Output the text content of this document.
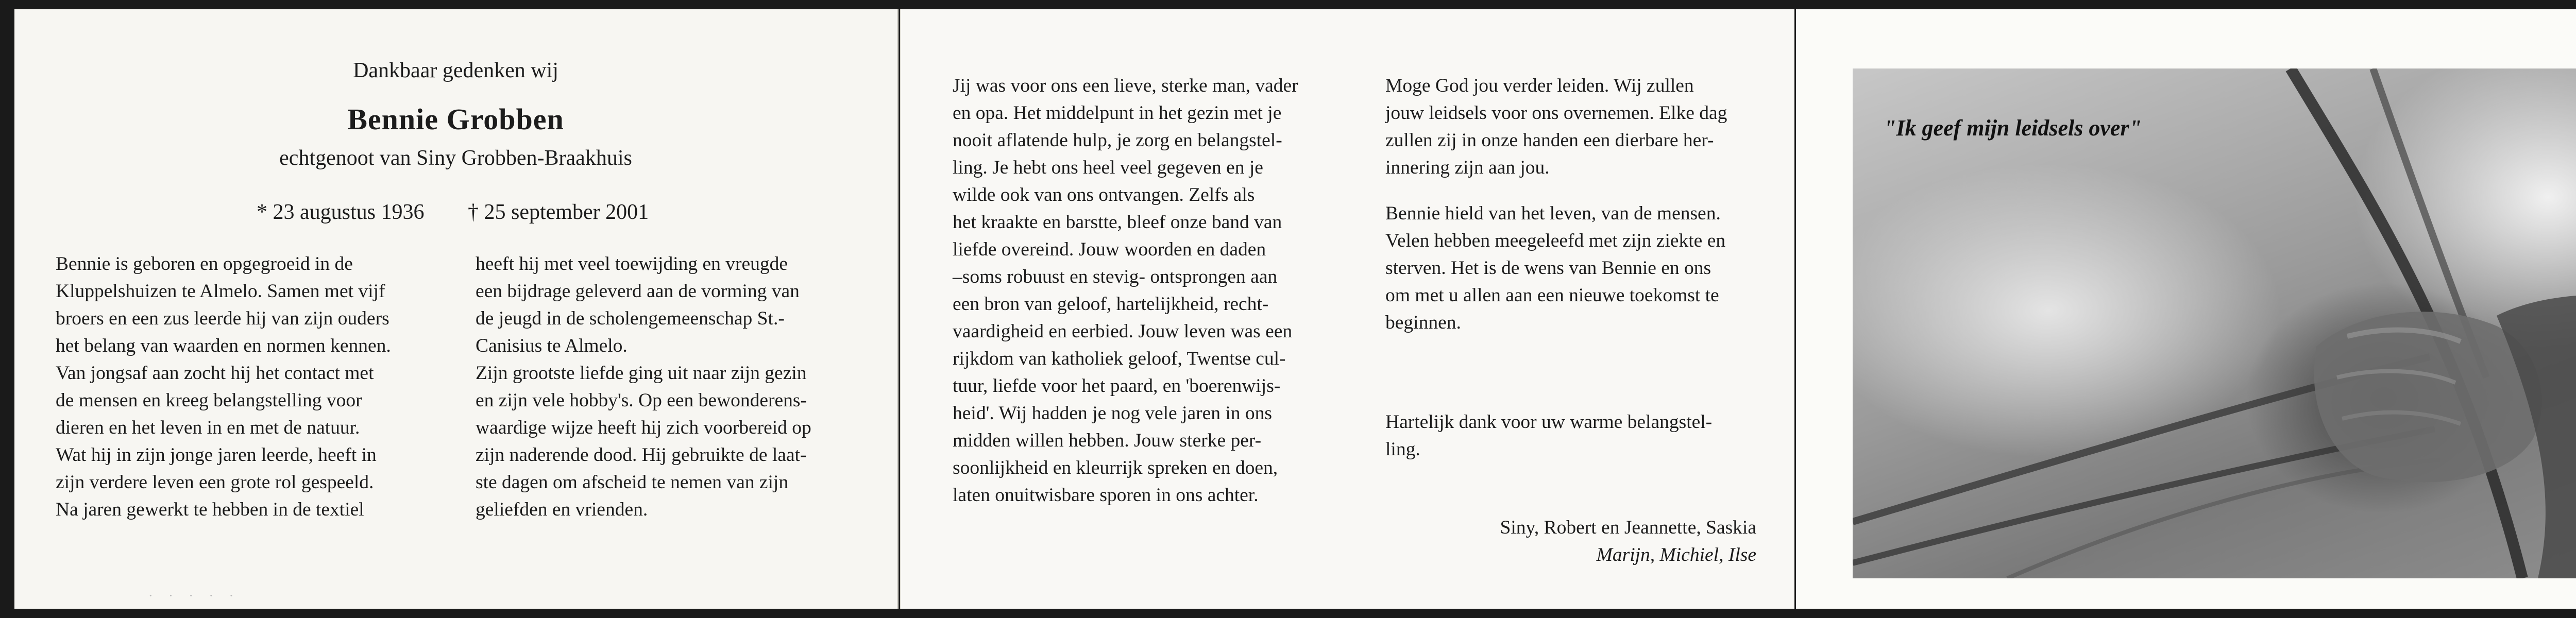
Dankbaar gedenken wij
Bennie Grobben
echtgenoot van Siny Grobben-Braakhuis
* 23 augustus 1936 † 25 september 2001
Bennie is geboren en opgegroeid in de
Kluppelshuizen te Almelo. Samen met vijf
broers en een zus leerde hij van zijn ouders
het belang van waarden en normen kennen.
Van jongsaf aan zocht hij het contact met
de mensen en kreeg belangstelling voor
dieren en het leven in en met de natuur.
Wat hij in zijn jonge jaren leerde, heeft in
zijn verdere leven een grote rol gespeeld.
Na jaren gewerkt te hebben in de textiel
heeft hij met veel toewijding en vreugde
een bijdrage geleverd aan de vorming van
de jeugd in de scholengemeenschap St.-
Canisius te Almelo.
Zijn grootste liefde ging uit naar zijn gezin
en zijn vele hobby's. Op een bewonderens-
waardige wijze heeft hij zich voorbereid op
zijn naderende dood. Hij gebruikte de laat-
ste dagen om afscheid te nemen van zijn
geliefden en vrienden.
· · · · ·
Jij was voor ons een lieve, sterke man, vader
en opa. Het middelpunt in het gezin met je
nooit aflatende hulp, je zorg en belangstel-
ling. Je hebt ons heel veel gegeven en je
wilde ook van ons ontvangen. Zelfs als
het kraakte en barstte, bleef onze band van
liefde overeind. Jouw woorden en daden
–soms robuust en stevig- ontsprongen aan
een bron van geloof, hartelijkheid, recht-
vaardigheid en eerbied. Jouw leven was een
rijkdom van katholiek geloof, Twentse cul-
tuur, liefde voor het paard, en 'boerenwijs-
heid'. Wij hadden je nog vele jaren in ons
midden willen hebben. Jouw sterke per-
soonlijkheid en kleurrijk spreken en doen,
laten onuitwisbare sporen in ons achter.

Moge God jou verder leiden. Wij zullen
jouw leidsels voor ons overnemen. Elke dag
zullen zij in onze handen een dierbare her-
innering zijn aan jou.

Bennie hield van het leven, van de mensen.
Velen hebben meegeleefd met zijn ziekte en
sterven. Het is de wens van Bennie en ons
om met u allen aan een nieuwe toekomst te
beginnen.

Hartelijk dank voor uw warme belangstel-
ling.

Siny, Robert en Jeannette, Saskia
Marijn, Michiel, Ilse
"Ik geef mijn leidsels over"
